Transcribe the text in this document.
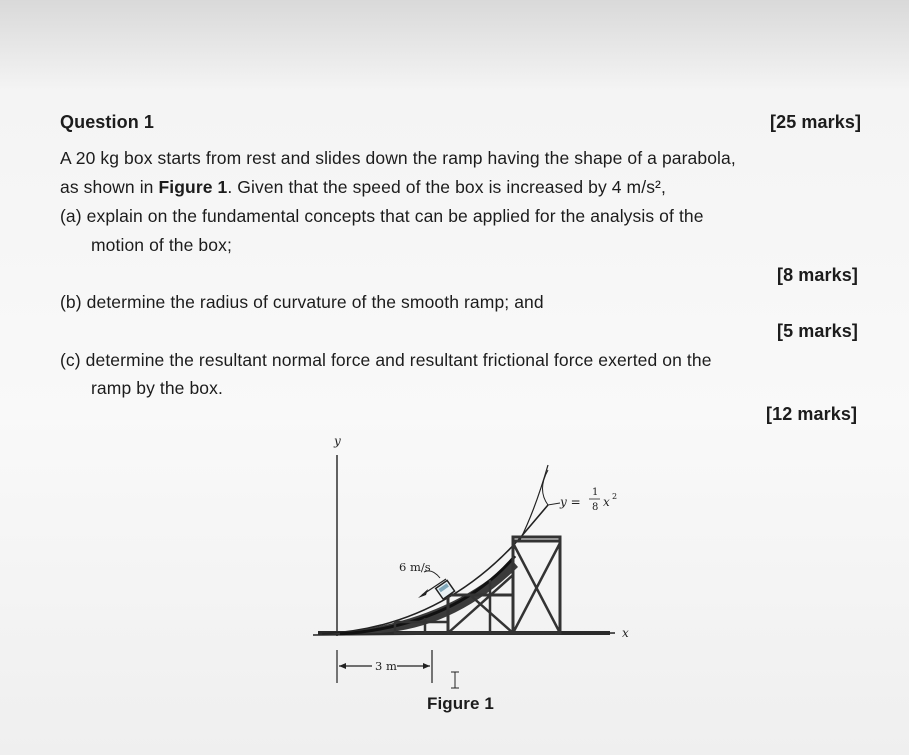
Question 1	[25 marks]
A 20 kg box starts from rest and slides down the ramp having the shape of a parabola,
as shown in Figure 1. Given that the speed of the box is increased by 4 m/s²,
(a) explain on the fundamental concepts that can be applied for the analysis of the
motion of the box;
[8 marks]
(b) determine the radius of curvature of the smooth ramp; and
[5 marks]
(c) determine the resultant normal force and resultant frictional force exerted on the
ramp by the box.
[12 marks]
y
x
6 m/s
y =
1
8 x 2
3 m
Figure 1
